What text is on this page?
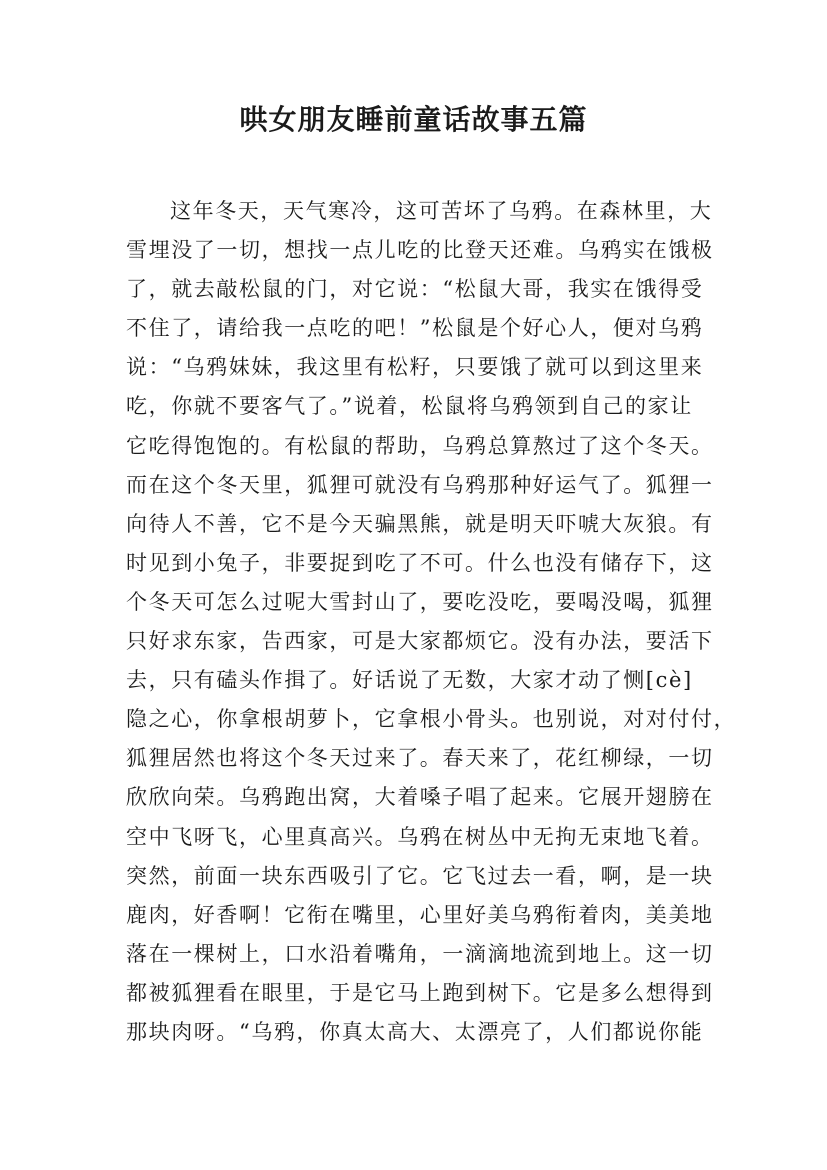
哄女朋友睡前童话故事五篇
这年冬天，天气寒冷，这可苦坏了乌鸦。在森林里，大
雪埋没了一切，想找一点儿吃的比登天还难。乌鸦实在饿极
了，就去敲松鼠的门，对它说：“松鼠大哥，我实在饿得受
不住了，请给我一点吃的吧！”松鼠是个好心人，便对乌鸦
说：“乌鸦妹妹，我这里有松籽，只要饿了就可以到这里来
吃，你就不要客气了。”说着，松鼠将乌鸦领到自己的家让
它吃得饱饱的。有松鼠的帮助，乌鸦总算熬过了这个冬天。
而在这个冬天里，狐狸可就没有乌鸦那种好运气了。狐狸一
向待人不善，它不是今天骗黑熊，就是明天吓唬大灰狼。有
时见到小兔子，非要捉到吃了不可。什么也没有储存下，这
个冬天可怎么过呢大雪封山了，要吃没吃，要喝没喝，狐狸
只好求东家，告西家，可是大家都烦它。没有办法，要活下
去，只有磕头作揖了。好话说了无数，大家才动了恻[cè]
隐之心，你拿根胡萝卜，它拿根小骨头。也别说，对对付付，
狐狸居然也将这个冬天过来了。春天来了，花红柳绿，一切
欣欣向荣。乌鸦跑出窝，大着嗓子唱了起来。它展开翅膀在
空中飞呀飞，心里真高兴。乌鸦在树丛中无拘无束地飞着。
突然，前面一块东西吸引了它。它飞过去一看，啊，是一块
鹿肉，好香啊！它衔在嘴里，心里好美乌鸦衔着肉，美美地
落在一棵树上，口水沿着嘴角，一滴滴地流到地上。这一切
都被狐狸看在眼里，于是它马上跑到树下。它是多么想得到
那块肉呀。“乌鸦，你真太高大、太漂亮了，人们都说你能
